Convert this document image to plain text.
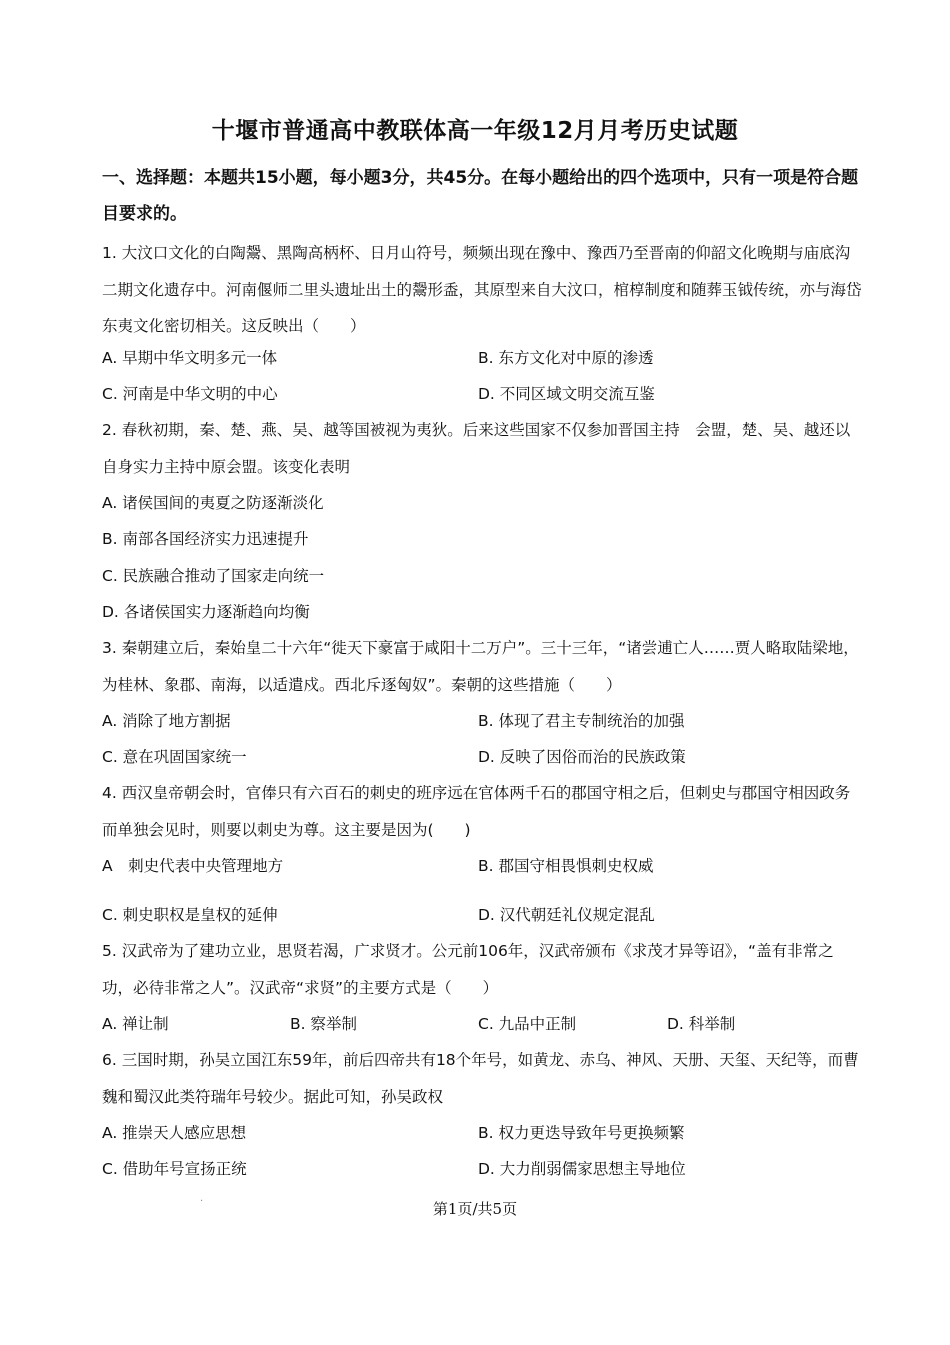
十堰市普通高中教联体高一年级12月月考历史试题
一、选择题：本题共15小题，每小题3分，共45分。在每小题给出的四个选项中，只有一项是符合题目要求的。
1. 大汶口文化的白陶鬶、黑陶高柄杯、日月山符号，频频出现在豫中、豫西乃至晋南的仰韶文化晚期与庙底沟二期文化遗存中。河南偃师二里头遗址出土的鬶形盉，其原型来自大汶口，棺椁制度和随葬玉钺传统，亦与海岱东夷文化密切相关。这反映出（　　）
A. 早期中华文明多元一体	B. 东方文化对中原的渗透
C. 河南是中华文明的中心	D. 不同区域文明交流互鉴
2. 春秋初期，秦、楚、燕、吴、越等国被视为夷狄。后来这些国家不仅参加晋国主持　会盟，楚、吴、越还以自身实力主持中原会盟。该变化表明
A. 诸侯国间的夷夏之防逐渐淡化
B. 南部各国经济实力迅速提升
C. 民族融合推动了国家走向统一
D. 各诸侯国实力逐渐趋向均衡
3. 秦朝建立后，秦始皇二十六年“徙天下豪富于咸阳十二万户”。三十三年，“诸尝逋亡人……贾人略取陆梁地，为桂林、象郡、南海，以适遣戍。西北斥逐匈奴”。秦朝的这些措施（　　）
A. 消除了地方割据	B. 体现了君主专制统治的加强
C. 意在巩固国家统一	D. 反映了因俗而治的民族政策
4. 西汉皇帝朝会时，官俸只有六百石的刺史的班序远在官体两千石的郡国守相之后，但刺史与郡国守相因政务而单独会见时，则要以刺史为尊。这主要是因为(　　)
A　刺史代表中央管理地方	B. 郡国守相畏惧刺史权威
C. 刺史职权是皇权的延伸	D. 汉代朝廷礼仪规定混乱
5. 汉武帝为了建功立业，思贤若渴，广求贤才。公元前106年，汉武帝颁布《求茂才异等诏》，“盖有非常之功，必待非常之人”。汉武帝“求贤”的主要方式是（　　）
A. 禅让制	B. 察举制	C. 九品中正制	D. 科举制
6. 三国时期，孙吴立国江东59年，前后四帝共有18个年号，如黄龙、赤乌、神风、天册、天玺、天纪等，而曹魏和蜀汉此类符瑞年号较少。据此可知，孙吴政权
A. 推崇天人感应思想	B. 权力更迭导致年号更换频繁
C. 借助年号宣扬正统	D. 大力削弱儒家思想主导地位
·	第1页/共5页
